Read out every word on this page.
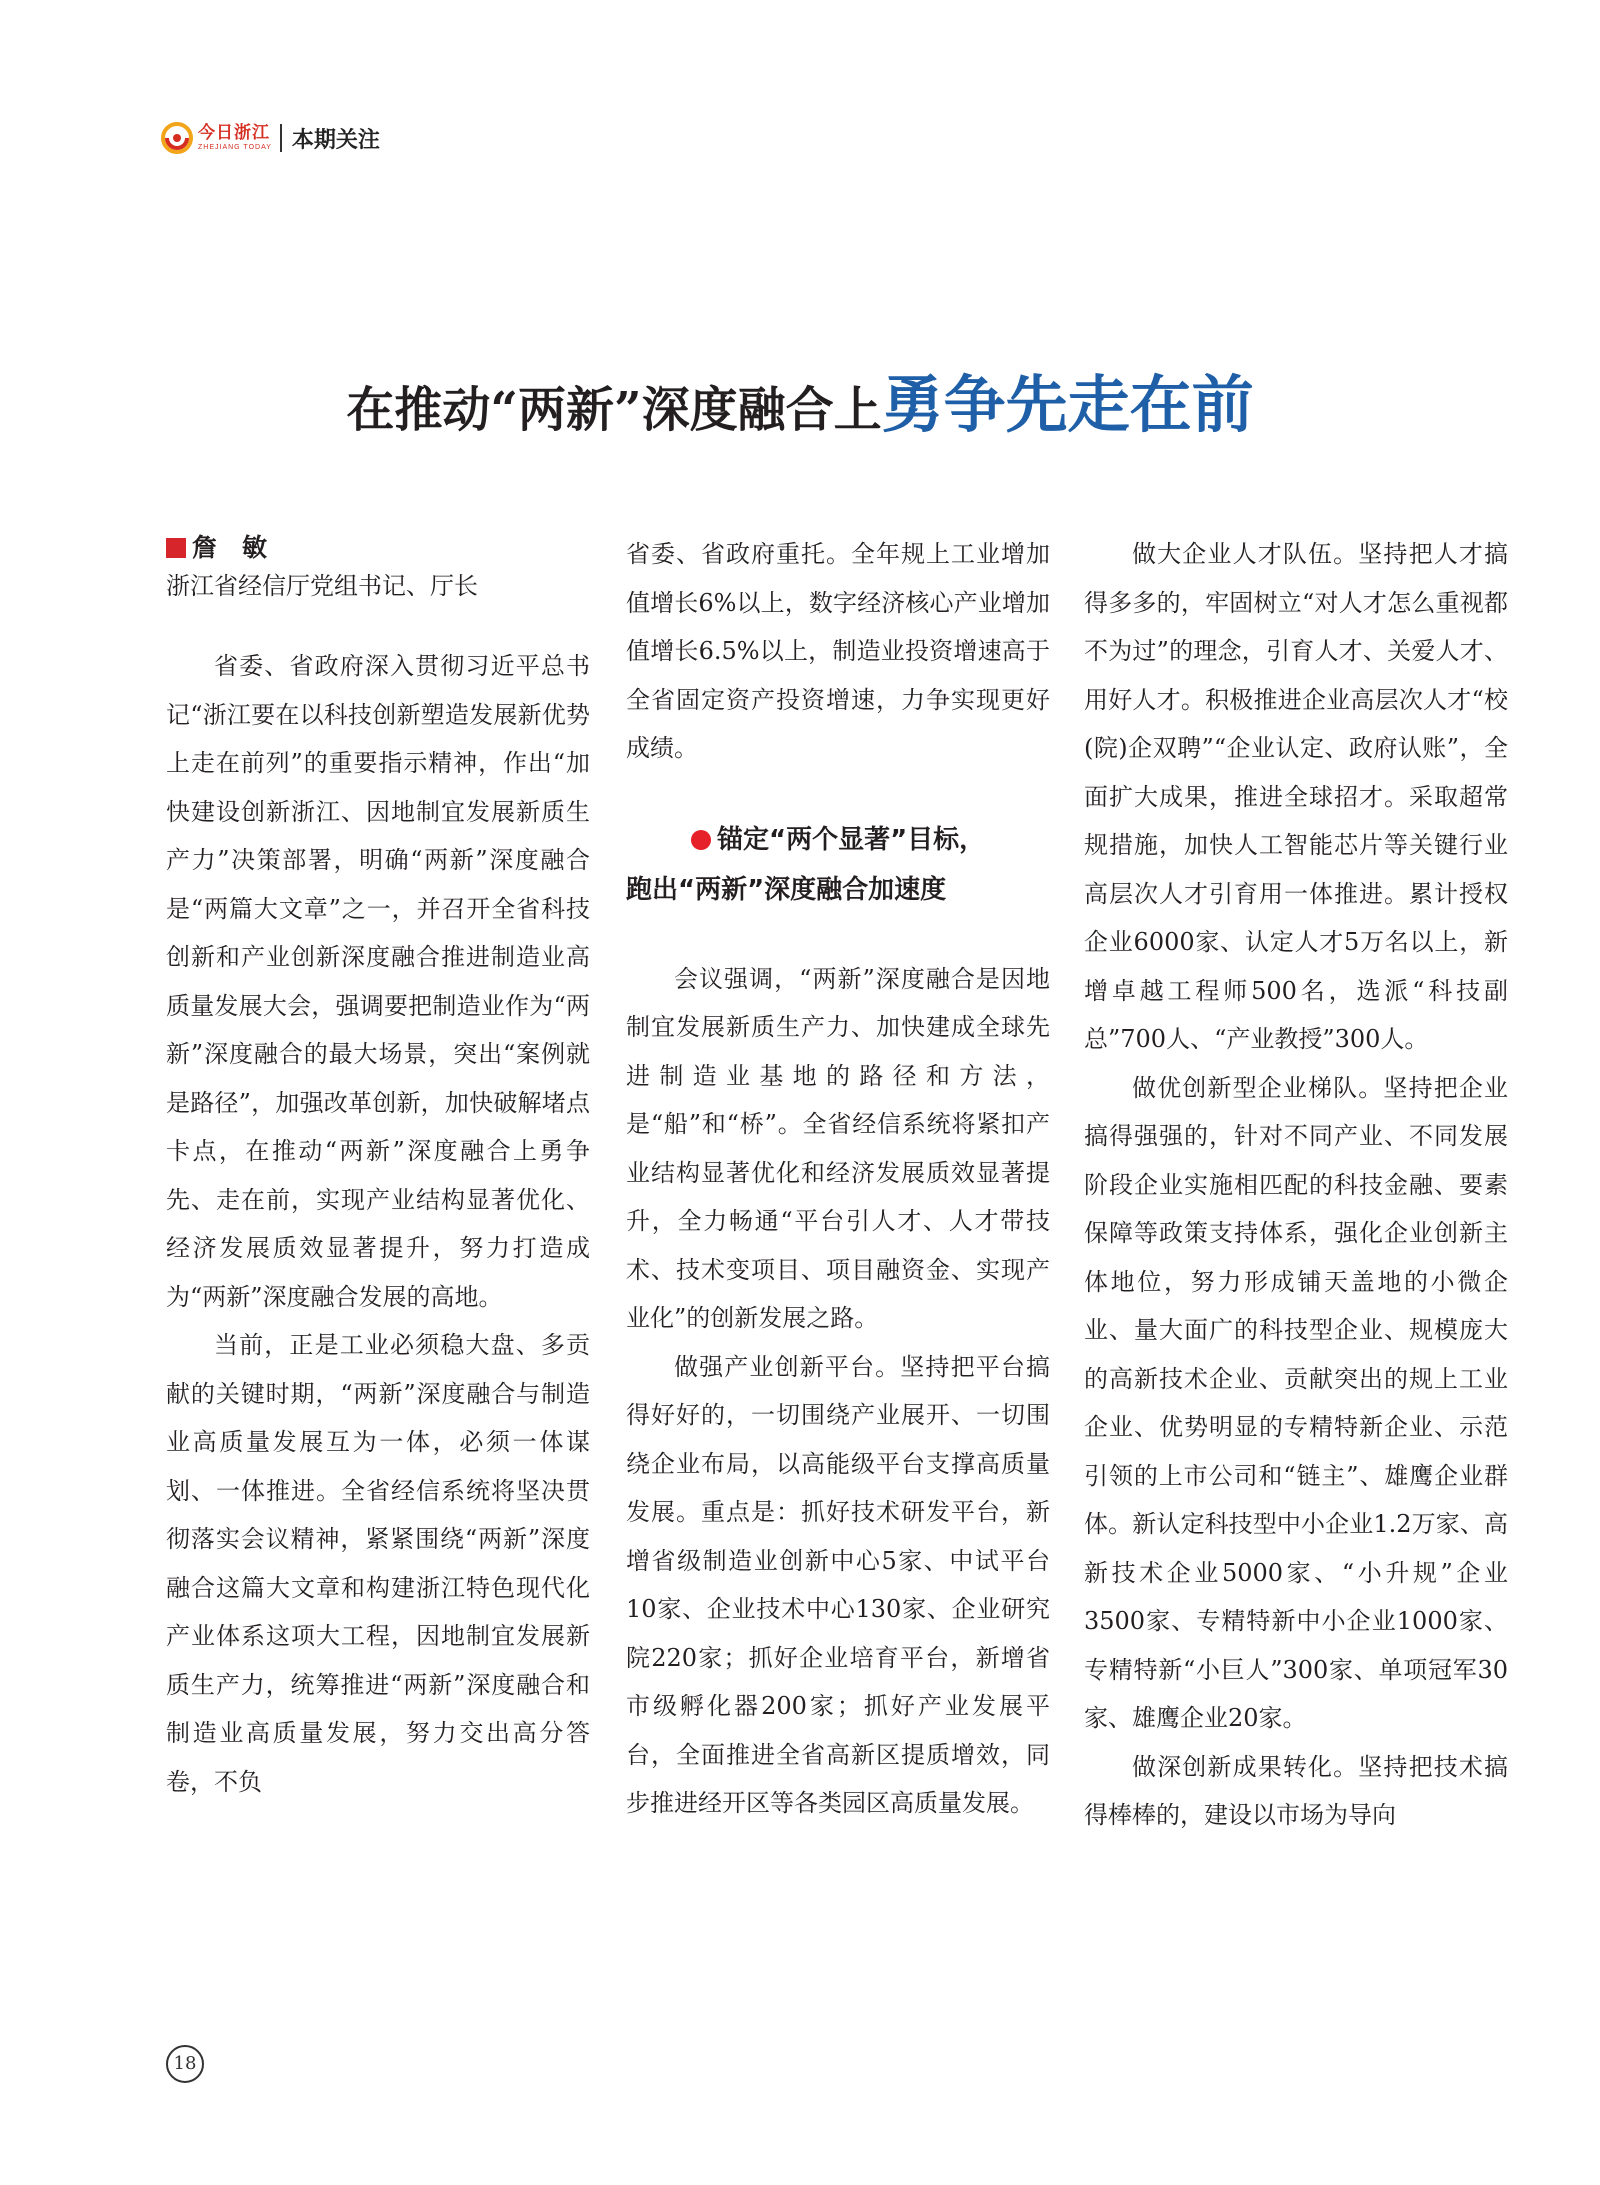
今日浙江
ZHEJIANG TODAY 本期关注
在推动“两新”深度融合上勇争先走在前
詹　敏

浙江省经信厅党组书记、厅长

省委、省政府深入贯彻习近平总书记“浙江要在以科技创新塑造发展新优势上走在前列”的重要指示精神，作出“加快建设创新浙江、因地制宜发展新质生产力”决策部署，明确“两新”深度融合是“两篇大文章”之一，并召开全省科技创新和产业创新深度融合推进制造业高质量发展大会，强调要把制造业作为“两新”深度融合的最大场景，突出“案例就是路径”，加强改革创新，加快破解堵点卡点，在推动“两新”深度融合上勇争先、走在前，实现产业结构显著优化、经济发展质效显著提升，努力打造成为“两新”深度融合发展的高地。

当前，正是工业必须稳大盘、多贡献的关键时期，“两新”深度融合与制造业高质量发展互为一体，必须一体谋划、一体推进。全省经信系统将坚决贯彻落实会议精神，紧紧围绕“两新”深度融合这篇大文章和构建浙江特色现代化产业体系这项大工程，因地制宜发展新质生产力，统筹推进“两新”深度融合和制造业高质量发展，努力交出高分答卷，不负

省委、省政府重托。全年规上工业增加值增长6%以上，数字经济核心产业增加值增长6.5%以上，制造业投资增速高于全省固定资产投资增速，力争实现更好成绩。

锚定“两个显著”目标，
跑出“两新”深度融合加速度

会议强调，“两新”深度融合是因地制宜发展新质生产力、加快建成全球先进制造业基地的路径和方法，是“船”和“桥”。全省经信系统将紧扣产业结构显著优化和经济发展质效显著提升，全力畅通“平台引人才、人才带技术、技术变项目、项目融资金、实现产业化”的创新发展之路。

做强产业创新平台。坚持把平台搞得好好的，一切围绕产业展开、一切围绕企业布局，以高能级平台支撑高质量发展。重点是：抓好技术研发平台，新增省级制造业创新中心5家、中试平台10家、企业技术中心130家、企业研究院220家；抓好企业培育平台，新增省市级孵化器200家；抓好产业发展平台，全面推进全省高新区提质增效，同步推进经开区等各类园区高质量发展。

做大企业人才队伍。坚持把人才搞得多多的，牢固树立“对人才怎么重视都不为过”的理念，引育人才、关爱人才、用好人才。积极推进企业高层次人才“校(院)企双聘”“企业认定、政府认账”，全面扩大成果，推进全球招才。采取超常规措施，加快人工智能芯片等关键行业高层次人才引育用一体推进。累计授权企业6000家、认定人才5万名以上，新增卓越工程师500名，选派“科技副总”700人、“产业教授”300人。

做优创新型企业梯队。坚持把企业搞得强强的，针对不同产业、不同发展阶段企业实施相匹配的科技金融、要素保障等政策支持体系，强化企业创新主体地位，努力形成铺天盖地的小微企业、量大面广的科技型企业、规模庞大的高新技术企业、贡献突出的规上工业企业、优势明显的专精特新企业、示范引领的上市公司和“链主”、雄鹰企业群体。新认定科技型中小企业1.2万家、高新技术企业5000家、“小升规”企业3500家、专精特新中小企业1000家、专精特新“小巨人”300家、单项冠军30家、雄鹰企业20家。

做深创新成果转化。坚持把技术搞得棒棒的，建设以市场为导向

18
